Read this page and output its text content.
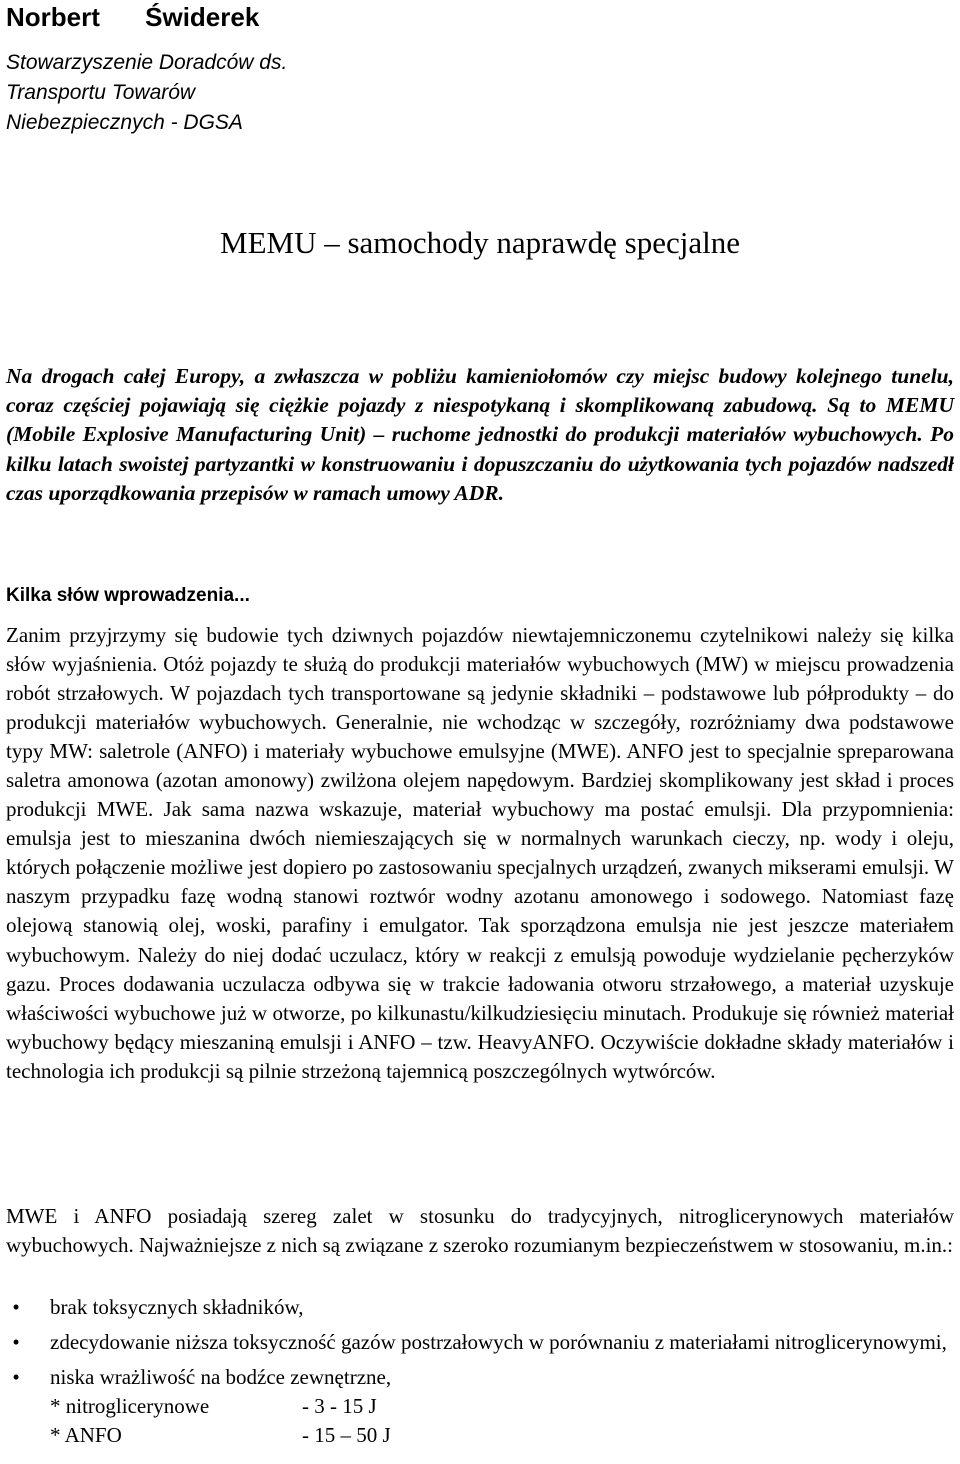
Norbert Świderek

Stowarzyszenie Doradców ds. Transportu Towarów Niebezpiecznych - DGSA

MEMU – samochody naprawdę specjalne

Na drogach całej Europy, a zwłaszcza w pobliżu kamieniołomów czy miejsc budowy kolejnego tunelu, coraz częściej pojawiają się ciężkie pojazdy z niespotykaną i skomplikowaną zabudową. Są to MEMU (Mobile Explosive Manufacturing Unit) – ruchome jednostki do produkcji materiałów wybuchowych. Po kilku latach swoistej partyzantki w konstruowaniu i dopuszczaniu do użytkowania tych pojazdów nadszedł czas uporządkowania przepisów w ramach umowy ADR.

Kilka słów wprowadzenia...

Zanim przyjrzymy się budowie tych dziwnych pojazdów niewtajemniczonemu czytelnikowi należy się kilka słów wyjaśnienia. Otóż pojazdy te służą do produkcji materiałów wybuchowych (MW) w miejscu prowadzenia robót strzałowych. W pojazdach tych transportowane są jedynie składniki – podstawowe lub półprodukty – do produkcji materiałów wybuchowych. Generalnie, nie wchodząc w szczegóły, rozróżniamy dwa podstawowe typy MW: saletrole (ANFO) i materiały wybuchowe emulsyjne (MWE). ANFO jest to specjalnie spreparowana saletra amonowa (azotan amonowy) zwilżona olejem napędowym. Bardziej skomplikowany jest skład i proces produkcji MWE. Jak sama nazwa wskazuje, materiał wybuchowy ma postać emulsji. Dla przypomnienia: emulsja jest to mieszanina dwóch niemieszających się w normalnych warunkach cieczy, np. wody i oleju, których połączenie możliwe jest dopiero po zastosowaniu specjalnych urządzeń, zwanych mikserami emulsji. W naszym przypadku fazę wodną stanowi roztwór wodny azotanu amonowego i sodowego. Natomiast fazę olejową stanowią olej, woski, parafiny i emulgator. Tak sporządzona emulsja nie jest jeszcze materiałem wybuchowym. Należy do niej dodać uczulacz, który w reakcji z emulsją powoduje wydzielanie pęcherzyków gazu. Proces dodawania uczulacza odbywa się w trakcie ładowania otworu strzałowego, a materiał uzyskuje właściwości wybuchowe już w otworze, po kilkunastu/kilkudziesięciu minutach. Produkuje się również materiał wybuchowy będący mieszaniną emulsji i ANFO – tzw. HeavyANFO. Oczywiście dokładne składy materiałów i technologia ich produkcji są pilnie strzeżoną tajemnicą poszczególnych wytwórców.

MWE i ANFO posiadają szereg zalet w stosunku do tradycyjnych, nitroglicerynowych materiałów wybuchowych. Najważniejsze z nich są związane z szeroko rozumianym bezpieczeństwem w stosowaniu, m.in.:

•	brak toksycznych składników,
•	zdecydowanie niższa toksyczność gazów postrzałowych w porównaniu z materiałami nitroglicerynowymi,
•	niska wrażliwość na bodźce zewnętrzne,
* nitroglicerynowe	- 3 - 15 J
* ANFO	- 15 – 50 J
